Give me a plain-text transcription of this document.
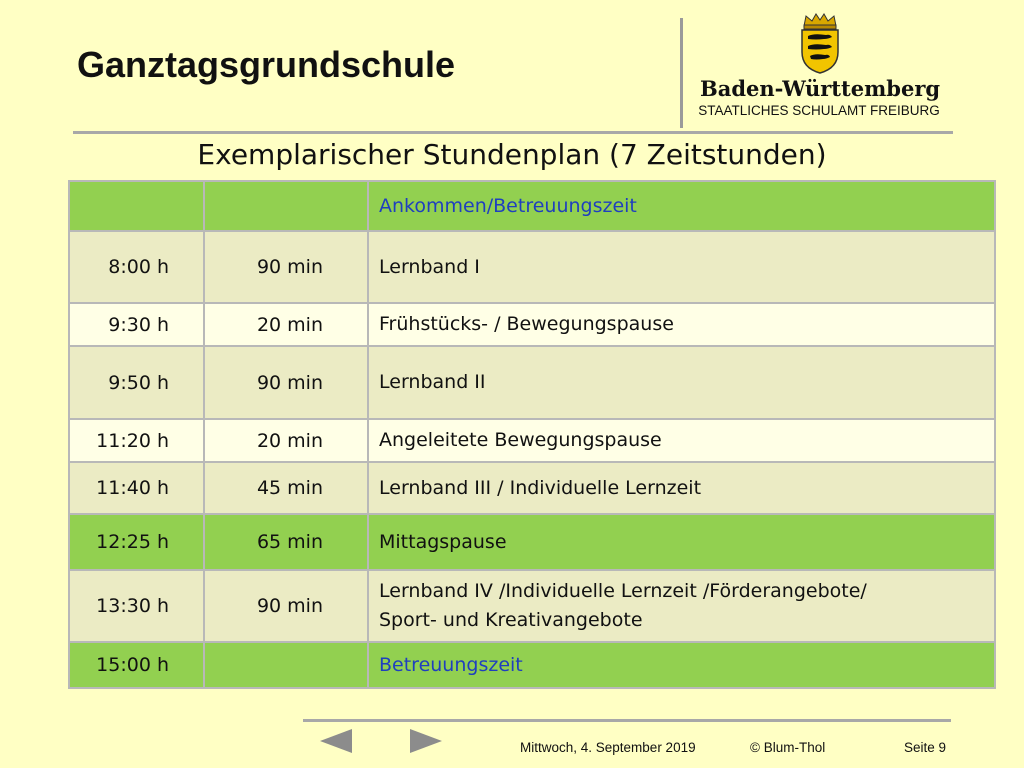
Ganztagsgrundschule
Baden-Württemberg
STAATLICHES SCHULAMT FREIBURG
Exemplarischer Stundenplan (7 Zeitstunden)
		Ankommen/Betreuungszeit
8:00 h	90 min	Lernband I
9:30 h	20 min	Frühstücks- / Bewegungspause
9:50 h	90 min	Lernband II
11:20 h	20 min	Angeleitete Bewegungspause
11:40 h	45 min	Lernband III / Individuelle Lernzeit
12:25 h	65 min	Mittagspause
13:30 h	90 min	Lernband IV /Individuelle Lernzeit /Förderangebote/
Sport- und Kreativangebote
15:00 h		Betreuungszeit
Mittwoch, 4. September 2019	© Blum-Thol	Seite 9
